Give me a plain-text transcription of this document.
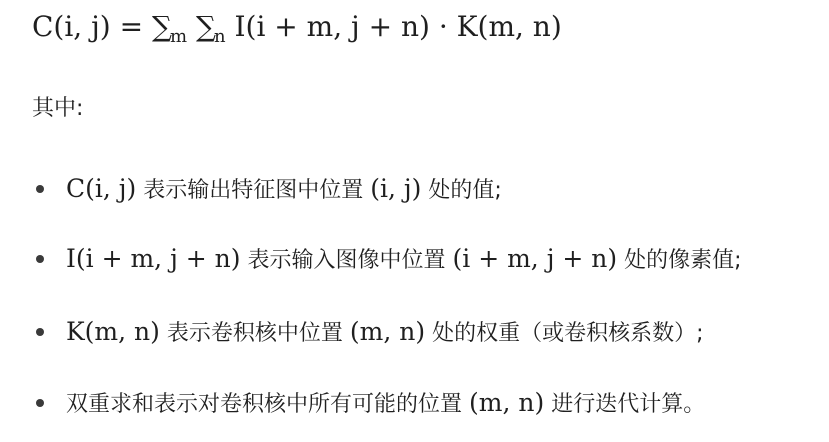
C(i, $j) = \sum_m$ $\sum_n$ I(i + m, j + n) · K(m, n)
其中:
C(i, j) 表示输出特征图中位置 (i, j) 处的值;
I(i + m, j + n) 表示输入图像中位置 (i + m, j + n) 处的像素值;
K(m, n) 表示卷积核中位置 (m, n) 处的权重（或卷积核系数）;
双重求和表示对卷积核中所有可能的位置 (m, n) 进行迭代计算。
